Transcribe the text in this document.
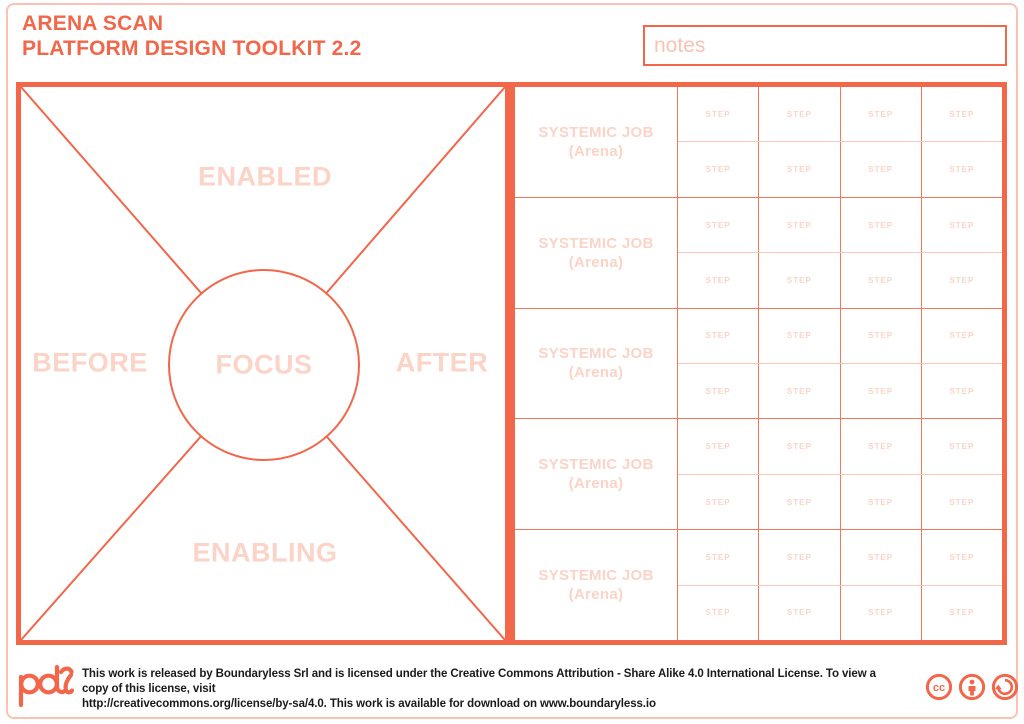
ARENA SCAN
PLATFORM DESIGN TOOLKIT 2.2	notes
ENABLED
BEFORE	FOCUS	AFTER
ENABLING
SYSTEMIC JOB
(Arena)
STEP	STEP	STEP	STEP
STEP	STEP	STEP	STEP
SYSTEMIC JOB
(Arena)
STEP	STEP	STEP	STEP
STEP	STEP	STEP	STEP
SYSTEMIC JOB
(Arena)
STEP	STEP	STEP	STEP
STEP	STEP	STEP	STEP
SYSTEMIC JOB
(Arena)
STEP	STEP	STEP	STEP
STEP	STEP	STEP	STEP
SYSTEMIC JOB
(Arena)
STEP	STEP	STEP	STEP
STEP	STEP	STEP	STEP
This work is released by Boundaryless Srl and is licensed under the Creative Commons Attribution - Share Alike 4.0 International License. To view a copy of this license, visit
http://creativecommons.org/license/by-sa/4.0. This work is available for download on www.boundaryless.io
cc
